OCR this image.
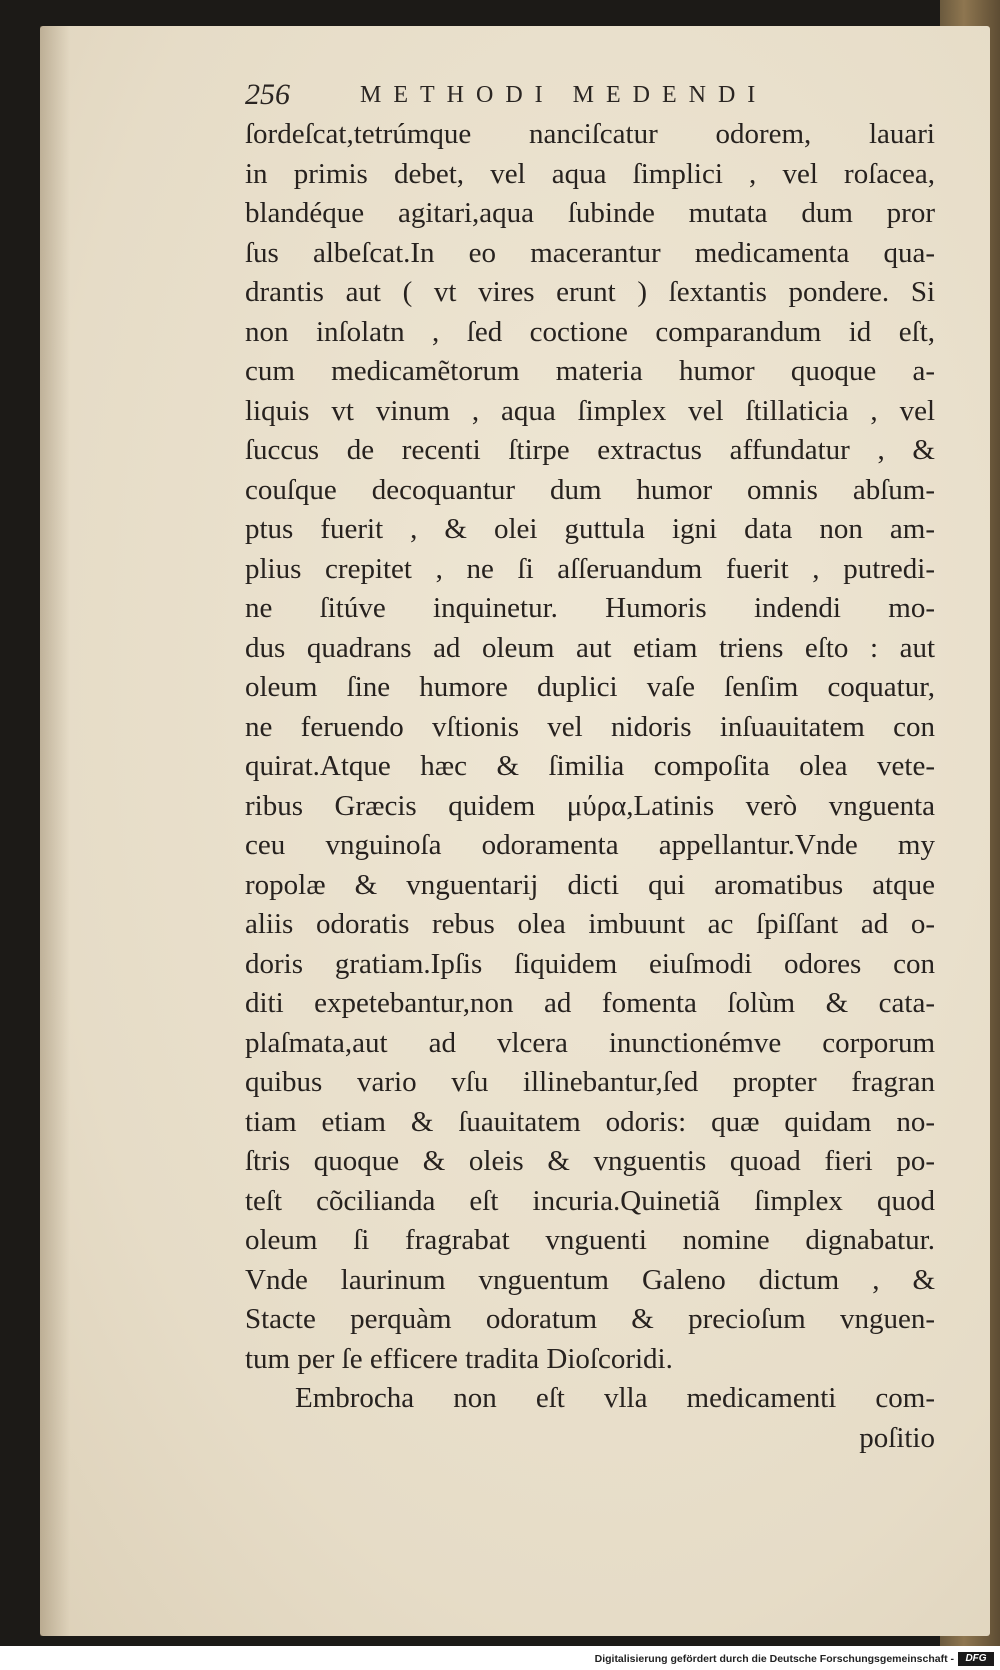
256	METHODI MEDENDI
ſordeſcat,tetrúmque nanciſcatur odorem, lauari
in primis debet, vel aqua ſimplici , vel roſacea,
blandéque agitari,aqua ſubinde mutata dum pror
ſus albeſcat.In eo macerantur medicamenta qua-
drantis aut ( vt vires erunt ) ſextantis pondere. Si
non inſolatn , ſed coctione comparandum id eſt,
cum medicamẽtorum materia humor quoque a-
liquis vt vinum , aqua ſimplex vel ſtillaticia , vel
ſuccus de recenti ſtirpe extractus affundatur , &
couſque decoquantur dum humor omnis abſum-
ptus fuerit , & olei guttula igni data non am-
plius crepitet , ne ſi aſſeruandum fuerit , putredi-
ne ſitúve inquinetur. Humoris indendi mo-
dus quadrans ad oleum aut etiam triens eſto : aut
oleum ſine humore duplici vaſe ſenſim coquatur,
ne feruendo vſtionis vel nidoris inſuauitatem con
quirat.Atque hæc & ſimilia compoſita olea vete-
ribus Græcis quidem μύρα,Latinis verò vnguenta
ceu vnguinoſa odoramenta appellantur.Vnde my
ropolæ & vnguentarij dicti qui aromatibus atque
aliis odoratis rebus olea imbuunt ac ſpiſſant ad o-
doris gratiam.Ipſis ſiquidem eiuſmodi odores con
diti expetebantur,non ad fomenta ſolùm & cata-
plaſmata,aut ad vlcera inunctionémve corporum
quibus vario vſu illinebantur,ſed propter fragran
tiam etiam & ſuauitatem odoris: quæ quidam no-
ſtris quoque & oleis & vnguentis quoad fieri po-
teſt cõcilianda eſt incuria.Quinetiã ſimplex quod
oleum ſi fragrabat vnguenti nomine dignabatur.
Vnde laurinum vnguentum Galeno dictum , &
Stacte perquàm odoratum & precioſum vnguen-
tum per ſe efficere tradita Dioſcoridi.
Embrocha non eſt vlla medicamenti com-
poſitio
Digitalisierung gefördert durch die Deutsche Forschungsgemeinschaft -	DFG
